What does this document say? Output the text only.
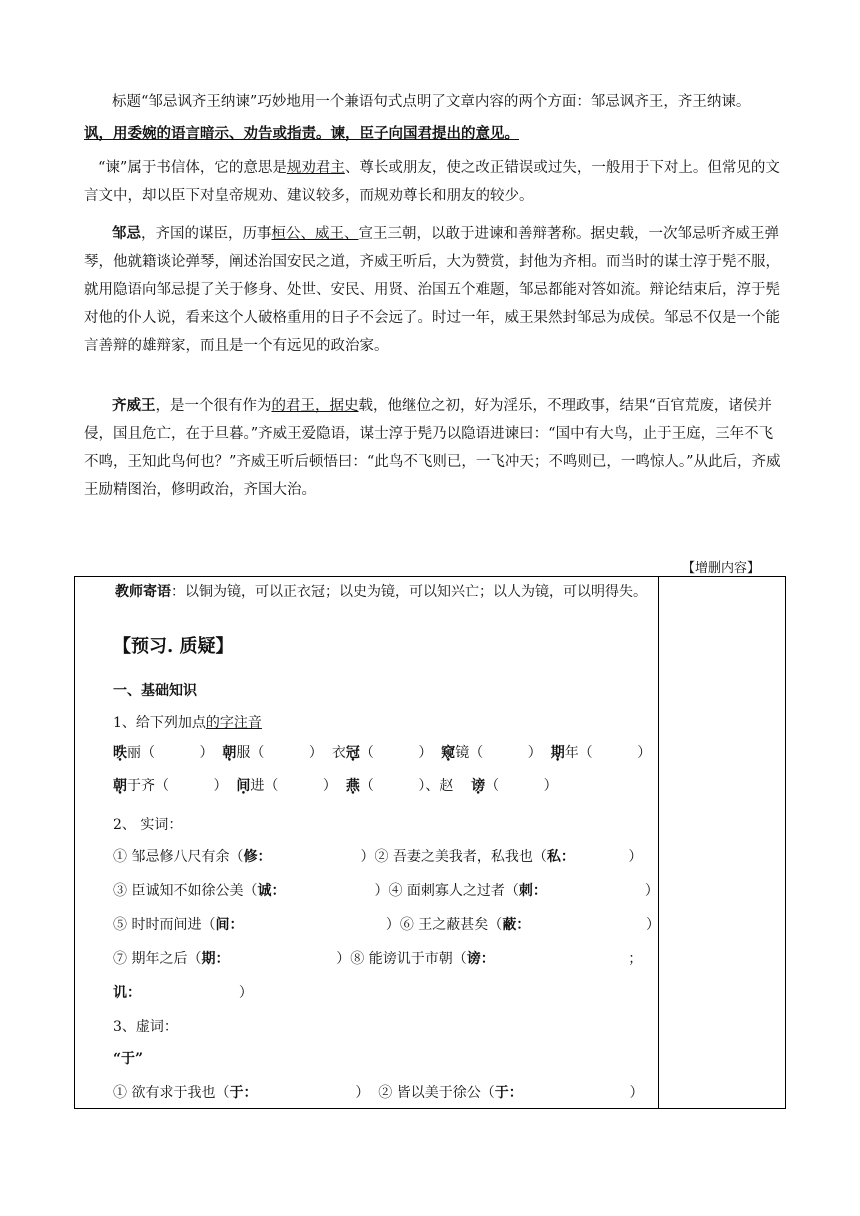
标题“邹忌讽齐王纳谏”巧妙地用一个兼语句式点明了文章内容的两个方面：邹忌讽齐王，齐王纳谏。

讽，用委婉的语言暗示、劝告或指责。谏，臣子向国君提出的意见。

“谏”属于书信体，它的意思是规劝君主、尊长或朋友，使之改正错误或过失，一般用于下对上。但常见的文言文中，却以臣下对皇帝规劝、建议较多，而规劝尊长和朋友的较少。

邹忌，齐国的谋臣，历事桓公、威王、宣王三朝，以敢于进谏和善辩著称。据史载，一次邹忌听齐威王弹琴，他就籍谈论弹琴，阐述治国安民之道，齐威王听后，大为赞赏，封他为齐相。而当时的谋士淳于髡不服，就用隐语向邹忌提了关于修身、处世、安民、用贤、治国五个难题，邹忌都能对答如流。辩论结束后，淳于髡对他的仆人说，看来这个人破格重用的日子不会远了。时过一年，威王果然封邹忌为成侯。邹忌不仅是一个能言善辩的雄辩家，而且是一个有远见的政治家。

齐威王，是一个很有作为的君王，据史载，他继位之初，好为淫乐，不理政事，结果“百官荒废，诸侯并侵，国且危亡，在于旦暮。”齐威王爱隐语，谋士淳于髡乃以隐语进谏曰：“国中有大鸟，止于王庭，三年不飞不鸣，王知此鸟何也？”齐威王听后顿悟曰：“此鸟不飞则已，一飞冲天；不鸣则已，一鸣惊人。”从此后，齐威王励精图治，修明政治，齐国大治。

【增删内容】
教师寄语：以铜为镜，可以正衣冠；以史为镜，可以知兴亡；以人为镜，可以明得失。
【预习. 质疑】
一、基础知识
1、给下列加点的字注音
昳丽（          ） 朝服（          ） 衣冠（          ） 窥镜（          ） 期年（          ）
朝于齐（          ） 间进（          ） 燕（          ）、赵 谤（          ）
2、 实词：
① 邹忌修八尺有余（修：                    ）② 吾妻之美我者，私我也（私：            ）
③ 臣诚知不如徐公美（诚：                    ）④ 面刺寡人之过者（刺：                      ）
⑤ 时时而间进（间：                                ）⑥ 王之蔽甚矣（蔽：                          ）
⑦ 期年之后（期：                        ）⑧ 能谤讥于市朝（谤：                              ；
讥：                      ）
3、虚词：
“于”
① 欲有求于我也（于：                      ）  ② 皆以美于徐公（于：                        ）
